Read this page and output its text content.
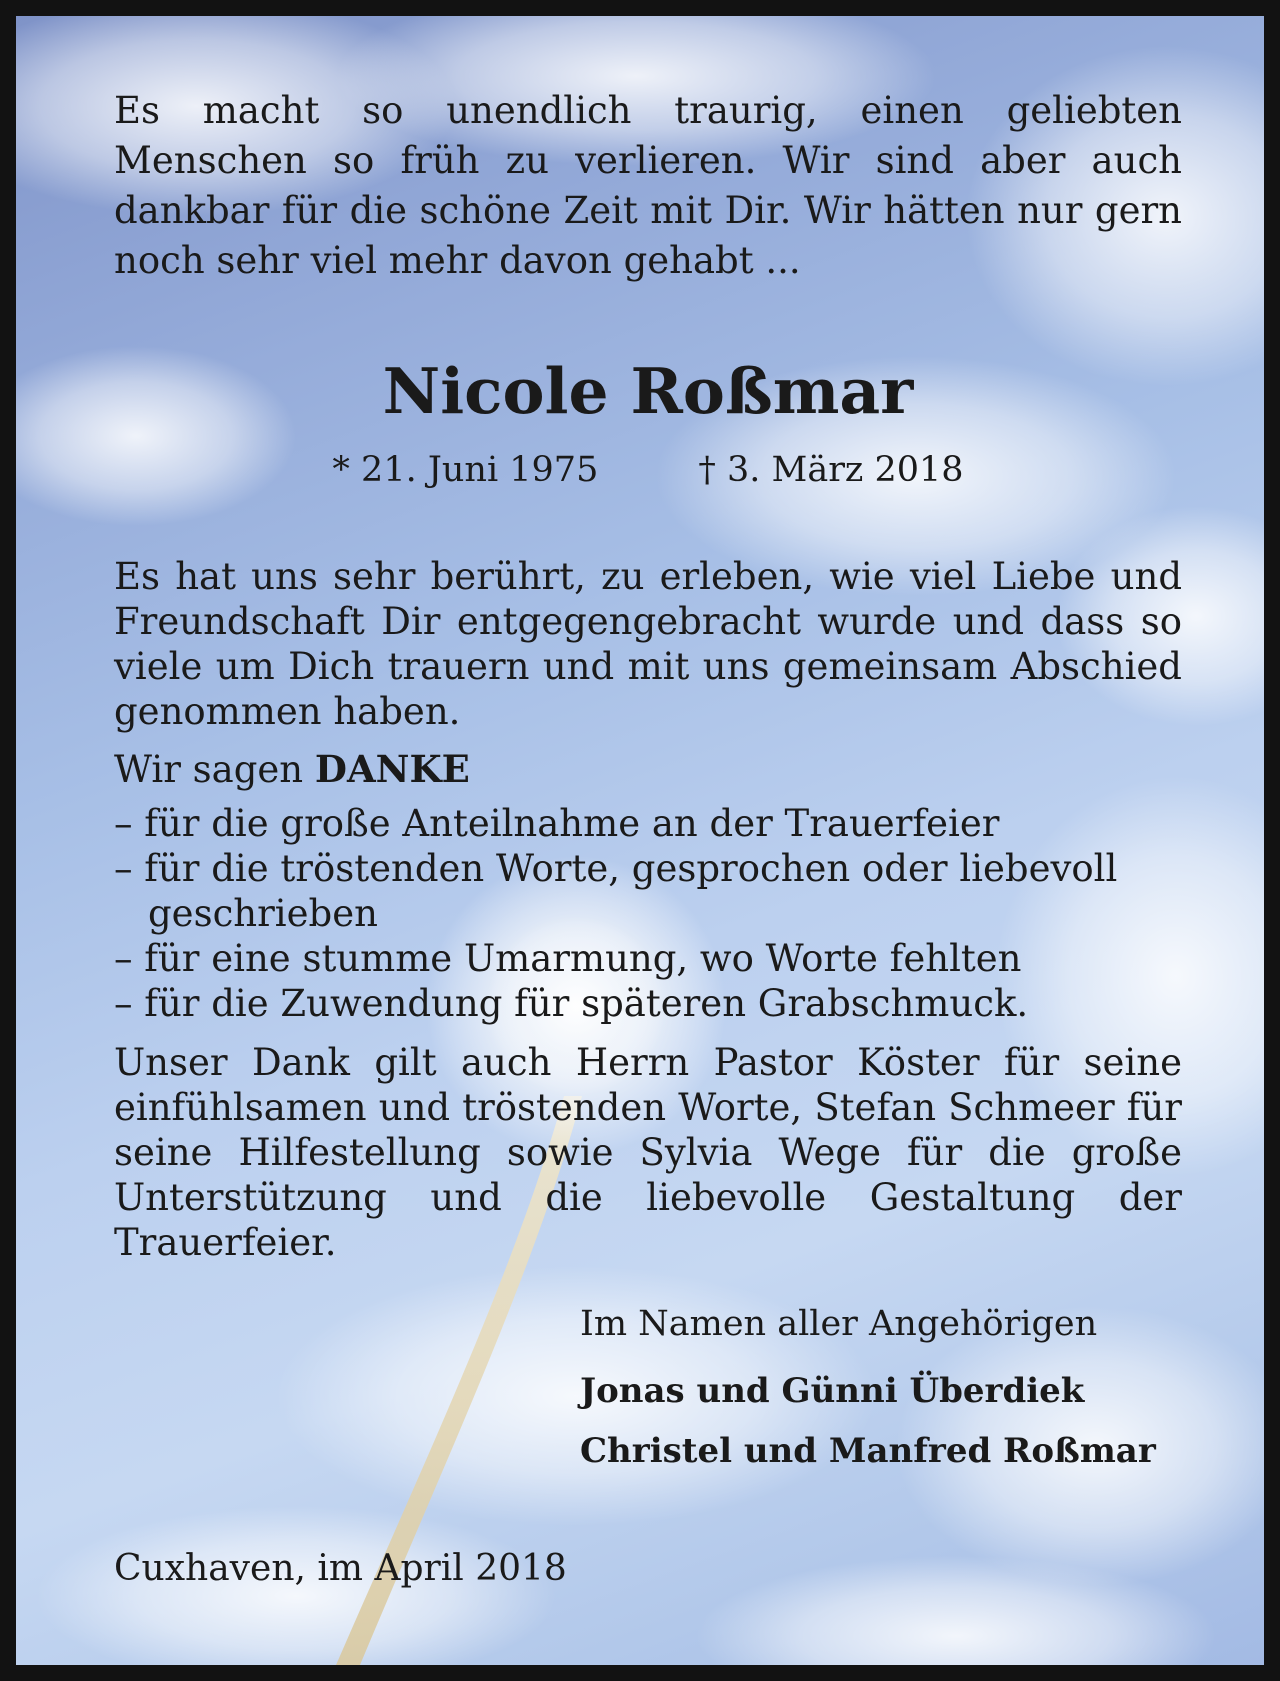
Es macht so unendlich traurig, einen geliebten Menschen so früh zu verlieren. Wir sind aber auch dankbar für die schöne Zeit mit Dir. Wir hätten nur gern noch sehr viel mehr davon gehabt ...

Nicole Roßmar
* 21. Juni 1975	† 3. März 2018

Es hat uns sehr berührt, zu erleben, wie viel Liebe und Freundschaft Dir entgegengebracht wurde und dass so viele um Dich trauern und mit uns gemeinsam Abschied genommen haben.

Wir sagen DANKE
– für die große Anteilnahme an der Trauerfeier
– für die tröstenden Worte, gesprochen oder liebevoll geschrieben
– für eine stumme Umarmung, wo Worte fehlten
– für die Zuwendung für späteren Grabschmuck.

Unser Dank gilt auch Herrn Pastor Köster für seine einfühlsamen und tröstenden Worte, Stefan Schmeer für seine Hilfestellung sowie Sylvia Wege für die große Unterstützung und die liebevolle Gestaltung der Trauerfeier.

Im Namen aller Angehörigen
Jonas und Günni Überdiek
Christel und Manfred Roßmar
Cuxhaven, im April 2018
